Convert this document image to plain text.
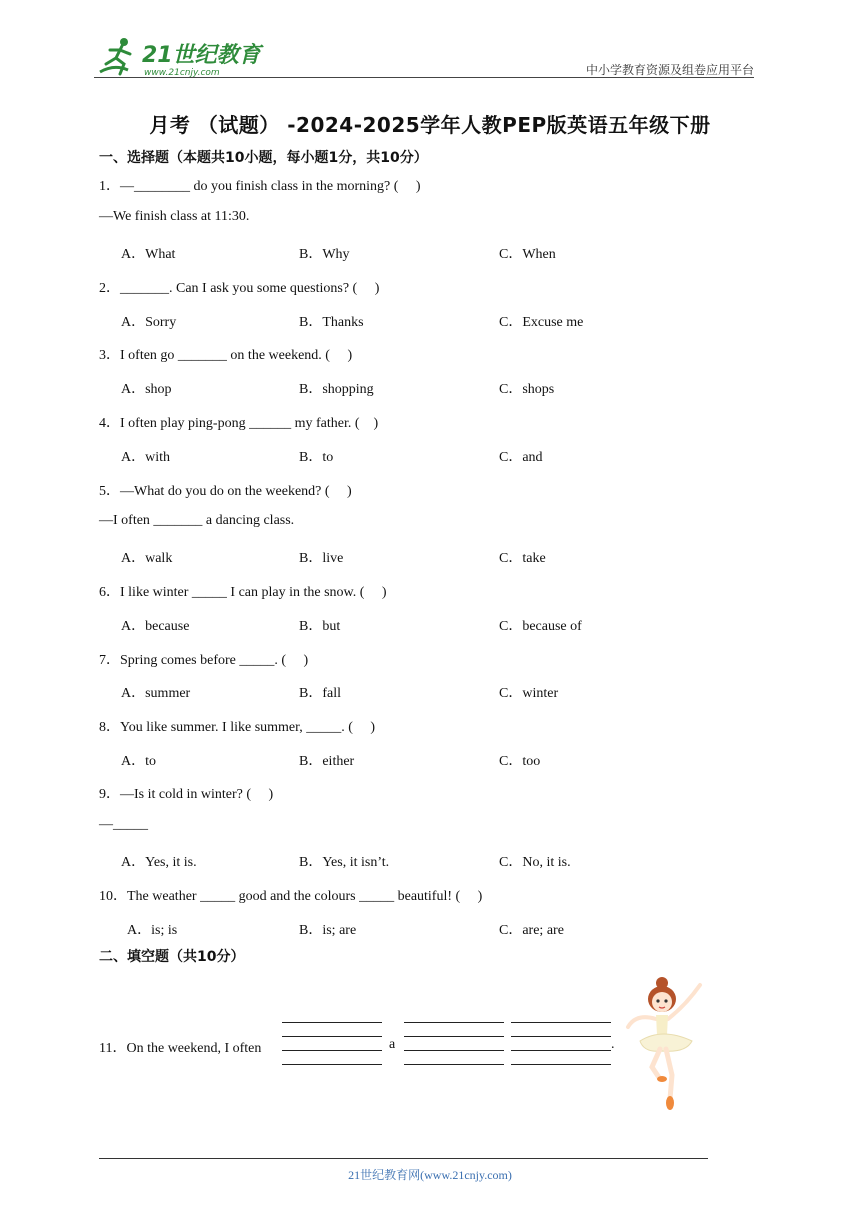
21世纪教育
www.21cnjy.com	中小学教育资源及组卷应用平台
月考 （试题） -2024-2025学年人教PEP版英语五年级下册
一、选择题（本题共10小题，每小题1分，共10分）
1．—________ do you finish class in the morning? (     )
—We finish class at 11:30.
A．What	B．Why	C．When
2．_______. Can I ask you some questions? (     )
A．Sorry	B．Thanks	C．Excuse me
3．I often go _______ on the weekend. (     )
A．shop	B．shopping	C．shops
4．I often play ping-pong ______ my father. (    )
A．with	B．to	C．and
5．—What do you do on the weekend? (     )
—I often _______ a dancing class.
A．walk	B．live	C．take
6．I like winter _____ I can play in the snow. (     )
A．because	B．but	C．because of
7．Spring comes before _____. (     )
A．summer	B．fall	C．winter
8．You like summer. I like summer, _____. (     )
A．to	B．either	C．too
9．—Is it cold in winter? (     )
—_____
A．Yes, it is.	B．Yes, it isn’t.	C．No, it is.
10．The weather _____ good and the colours _____ beautiful! (     )
A．is; is	B．is; are	C．are; are
二、填空题（共10分）
11．On the weekend, I often	a	.
21世纪教育网(www.21cnjy.com)
